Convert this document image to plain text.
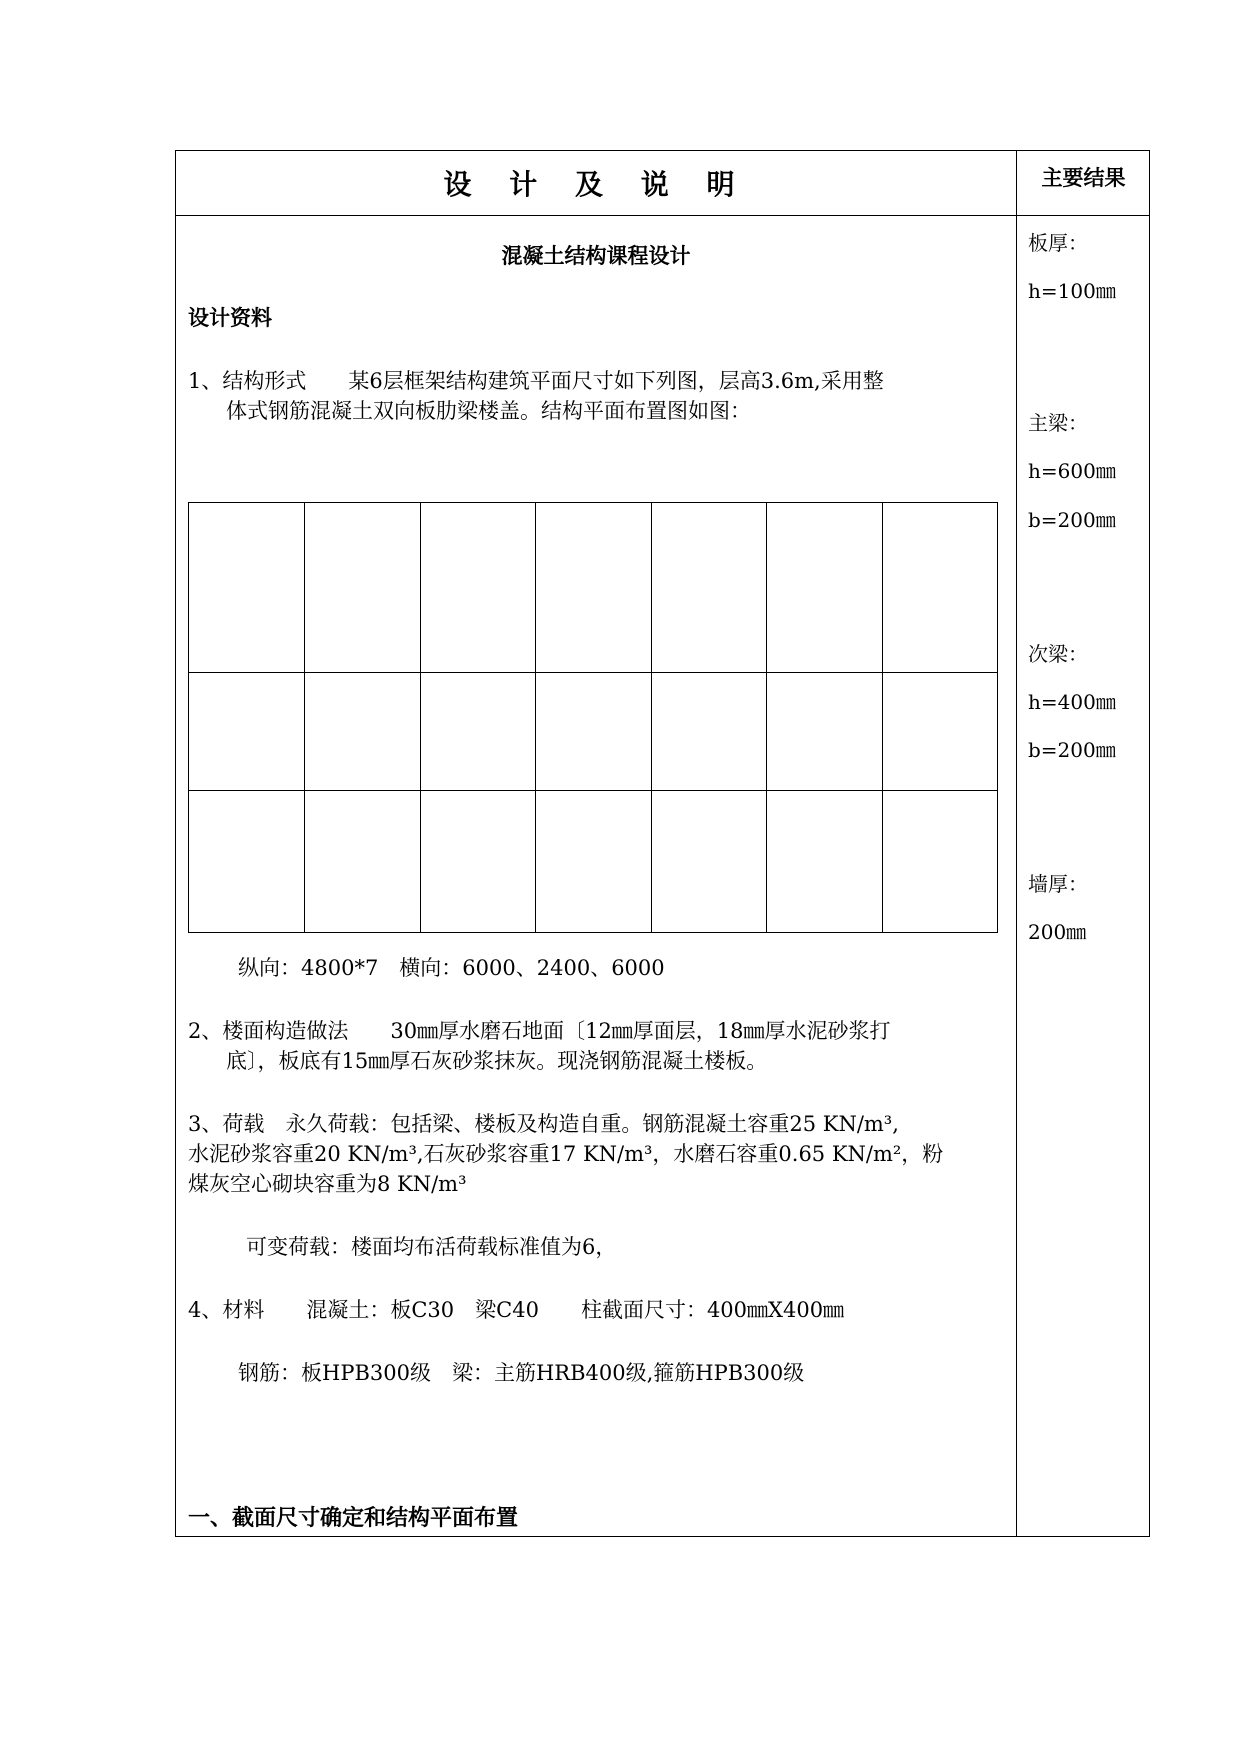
设 计 及 说 明	主要结果
混凝土结构课程设计
设计资料
1、结构形式　　某6层框架结构建筑平面尺寸如下列图，层高3.6m,采用整
体式钢筋混凝土双向板肋梁楼盖。结构平面布置图如图：
纵向：4800*7　横向：6000、2400、6000
2、楼面构造做法　　30㎜厚水磨石地面〔12㎜厚面层，18㎜厚水泥砂浆打
底〕，板底有15㎜厚石灰砂浆抹灰。现浇钢筋混凝土楼板。
3、荷载　永久荷载：包括梁、楼板及构造自重。钢筋混凝土容重25 KN/m³,
水泥砂浆容重20 KN/m³,石灰砂浆容重17 KN/m³，水磨石容重0.65 KN/m²，粉
煤灰空心砌块容重为8 KN/m³
可变荷载：楼面均布活荷载标准值为6，
4、材料　　混凝土：板C30　梁C40　　柱截面尺寸：400㎜X400㎜
钢筋：板HPB300级　梁：主筋HRB400级,箍筋HPB300级
一、截面尺寸确定和结构平面布置
板厚：
h=100㎜
主梁：
h=600㎜
b=200㎜
次梁：
h=400㎜
b=200㎜
墙厚：
200㎜
